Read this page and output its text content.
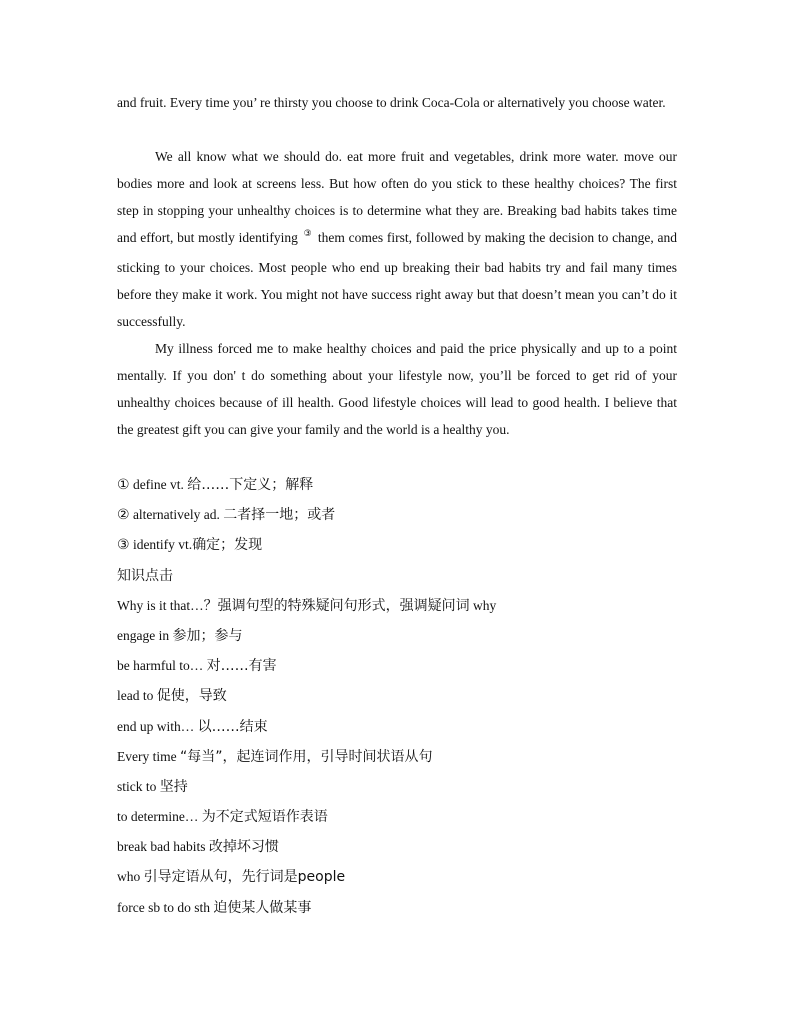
and fruit. Every time you’ re thirsty you choose to drink Coca-Cola or alternatively you choose water.

We all know what we should do. eat more fruit and vegetables, drink more water. move our bodies more and look at screens less. But how often do you stick to these healthy choices? The first step in stopping your unhealthy choices is to determine what they are. Breaking bad habits takes time and effort, but mostly identifying ③ them comes first, followed by making the decision to change, and sticking to your choices. Most people who end up breaking their bad habits try and fail many times before they make it work. You might not have success right away but that doesn’t mean you can’t do it successfully.

My illness forced me to make healthy choices and paid the price physically and up to a point mentally. If you don' t do something about your lifestyle now, you’ll be forced to get rid of your unhealthy choices because of ill health. Good lifestyle choices will lead to good health. I believe that the greatest gift you can give your family and the world is a healthy you.

① define vt. 给……下定义；解释
② alternatively ad. 二者择一地；或者
③ identify vt.确定；发现
知识点击
Why is it that…？强调句型的特殊疑问句形式，强调疑问词 why
engage in 参加；参与
be harmful to… 对……有害
lead to 促使，导致
end up with… 以……结束
Every time “每当”，起连词作用，引导时间状语从句
stick to 坚持
to determine… 为不定式短语作表语
break bad habits 改掉坏习惯
who 引导定语从句，先行词是people
force sb to do sth 迫使某人做某事
